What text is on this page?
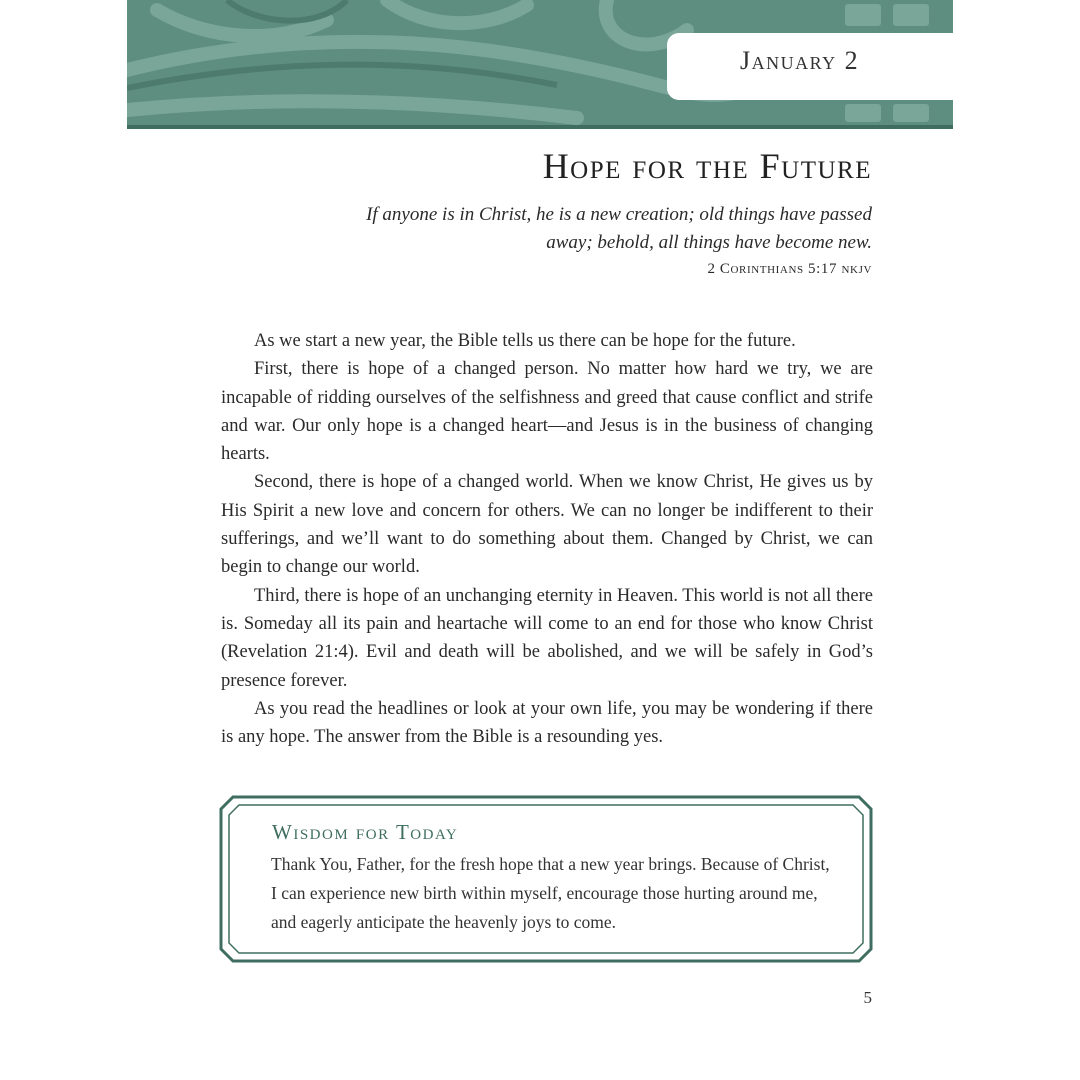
January 2
Hope for the Future
If anyone is in Christ, he is a new creation; old things have passed away; behold, all things have become new.
2 Corinthians 5:17 nkjv

As we start a new year, the Bible tells us there can be hope for the future.

First, there is hope of a changed person. No matter how hard we try, we are incapable of ridding ourselves of the selfishness and greed that cause conflict and strife and war. Our only hope is a changed heart—and Jesus is in the business of changing hearts.

Second, there is hope of a changed world. When we know Christ, He gives us by His Spirit a new love and concern for others. We can no longer be indifferent to their sufferings, and we’ll want to do something about them. Changed by Christ, we can begin to change our world.

Third, there is hope of an unchanging eternity in Heaven. This world is not all there is. Someday all its pain and heartache will come to an end for those who know Christ (Revelation 21:4). Evil and death will be abolished, and we will be safely in God’s presence forever.

As you read the headlines or look at your own life, you may be wondering if there is any hope. The answer from the Bible is a resounding yes.

Wisdom for Today
Thank You, Father, for the fresh hope that a new year brings. Because of Christ, I can experience new birth within myself, encourage those hurting around me, and eagerly anticipate the heavenly joys to come.
5
